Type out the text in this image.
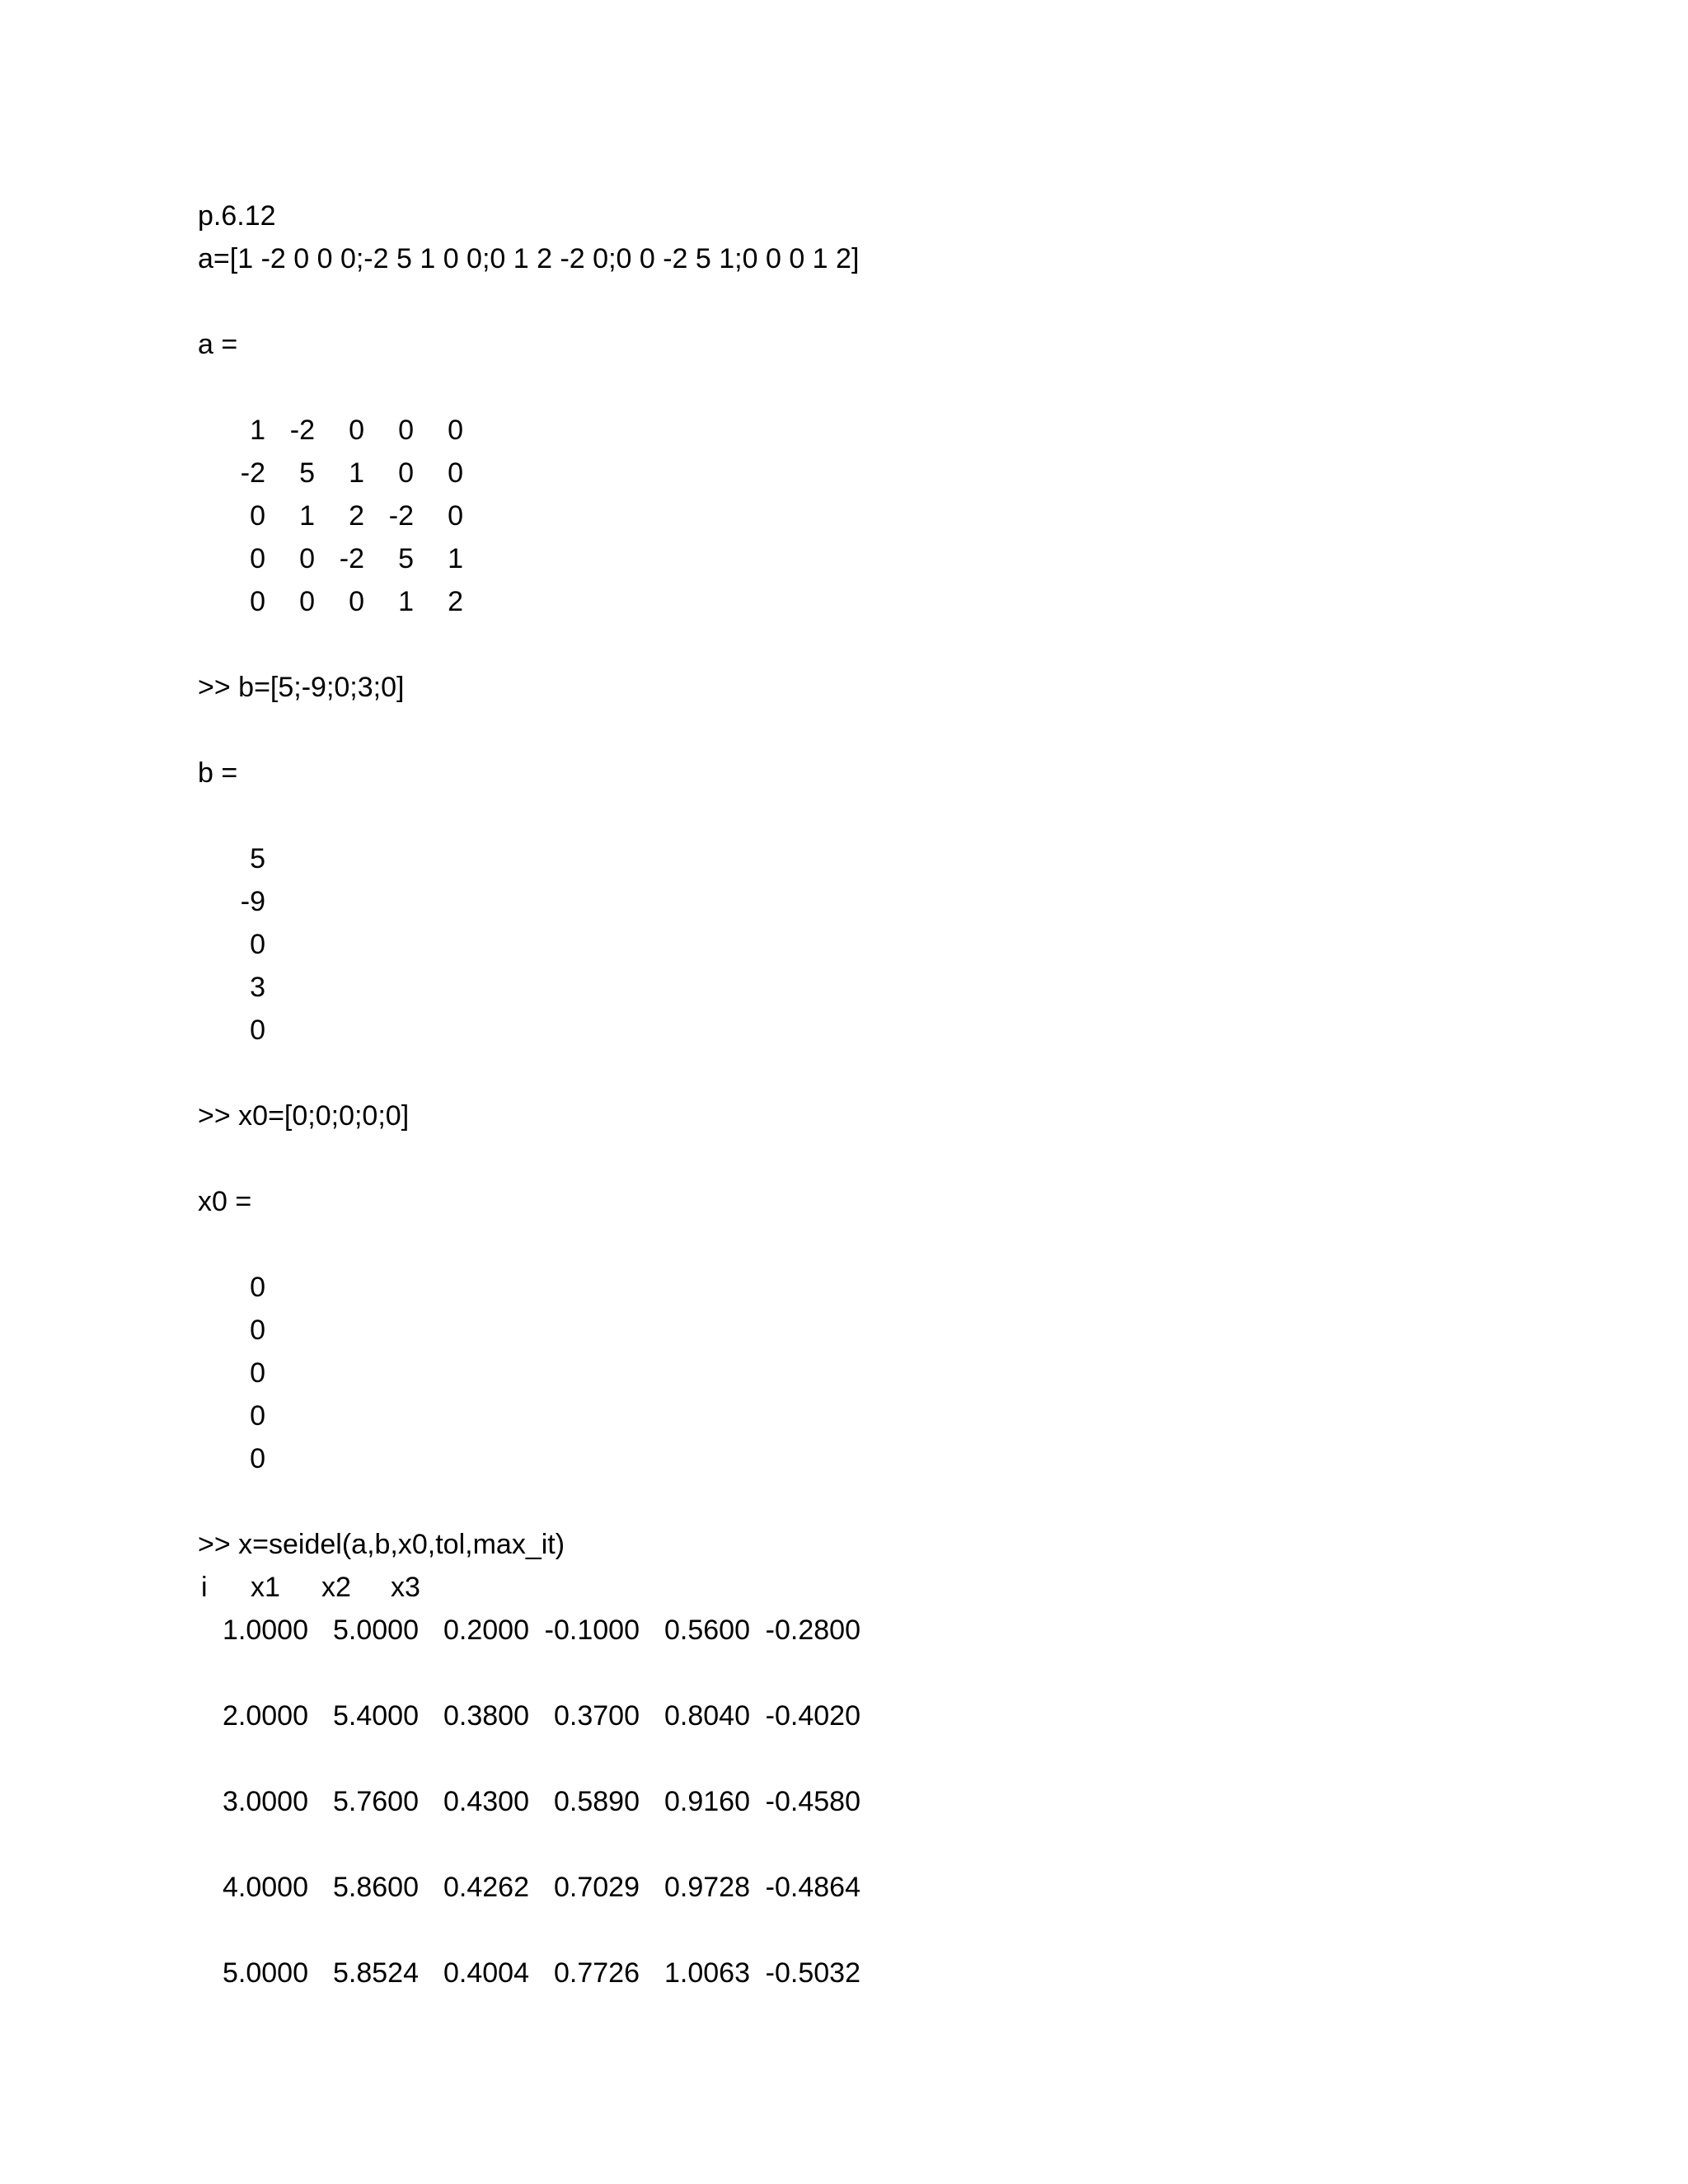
p.6.12
a=[1 -2 0 0 0;-2 5 1 0 0;0 1 2 -2 0;0 0 -2 5 1;0 0 0 1 2]
a =
1 -2	0	0	0
-2	5	1	0	0
0	1	2 -2	0
0	0 -2	5	1
0	0	0	1	2
>> b=[5;-9;0;3;0]
b =
5
-9
0
3
0
>> x0=[0;0;0;0;0]
x0 =
0
0
0
0
0
>> x=seidel(a,b,x0,tol,max_it)
i	x1	x2	x3
1.0000 5.0000 0.2000 -0.1000 0.5600 -0.2800
2.0000 5.4000 0.3800 0.3700 0.8040 -0.4020
3.0000 5.7600 0.4300 0.5890 0.9160 -0.4580
4.0000 5.8600 0.4262 0.7029 0.9728 -0.4864
5.0000 5.8524 0.4004 0.7726 1.0063 -0.5032
